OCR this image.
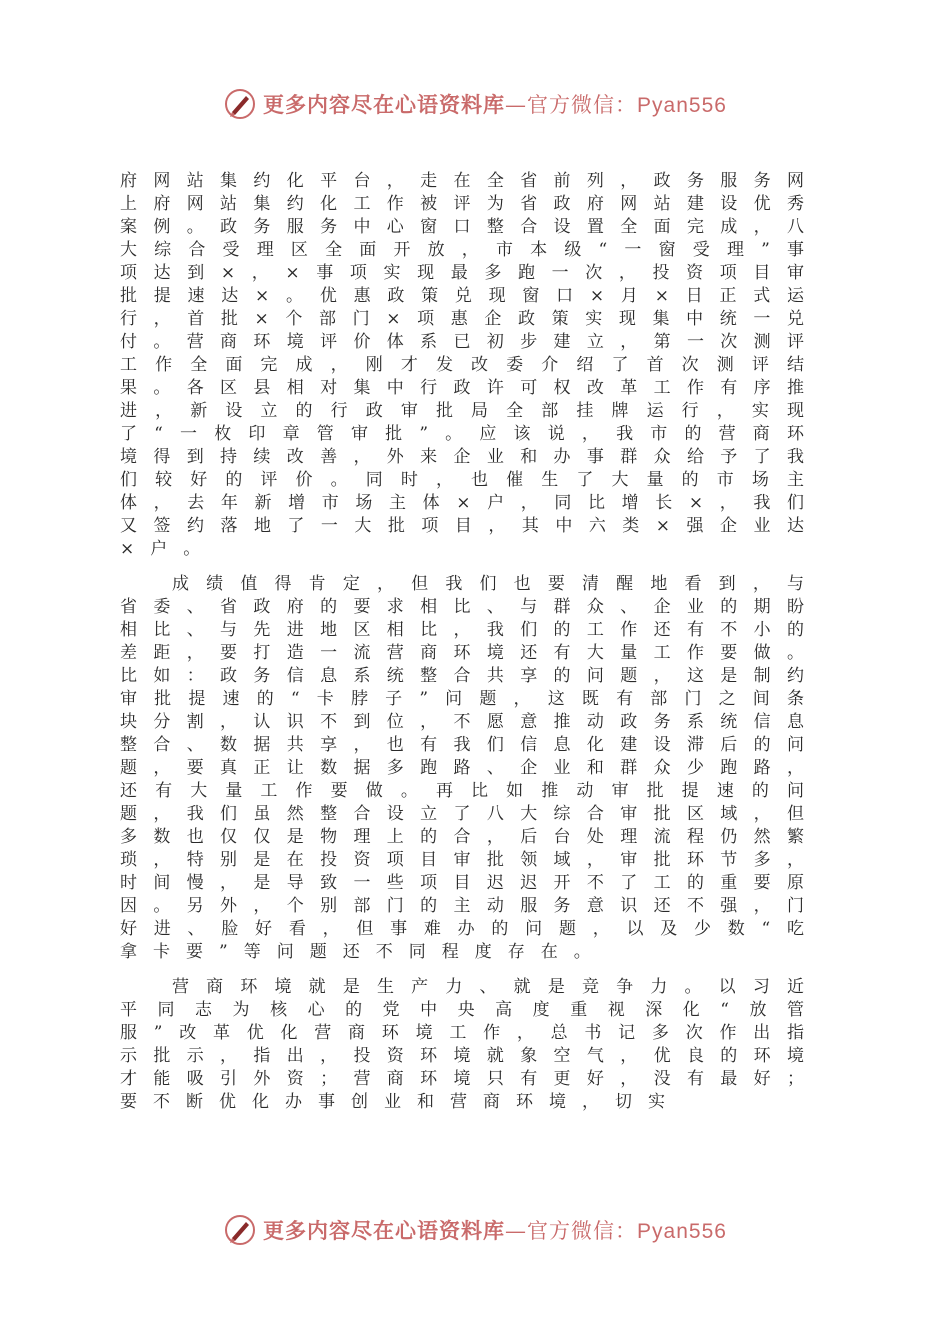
更多内容尽在心语资料库—官方微信：Pyan556

府网站集约化平台，走在全省前列，政务服务网上府网站集约化工作被评为省政府网站建设优秀案例。政务服务中心窗口整合设置全面完成，八大综合受理区全面开放，市本级“一窗受理”事项达到×，×事项实现最多跑一次，投资项目审批提速达×。优惠政策兑现窗口×月×日正式运行，首批×个部门×项惠企政策实现集中统一兑付。营商环境评价体系已初步建立，第一次测评工作全面完成，刚才发改委介绍了首次测评结果。各区县相对集中行政许可权改革工作有序推进，新设立的行政审批局全部挂牌运行，实现了“一枚印章管审批”。应该说，我市的营商环境得到持续改善，外来企业和办事群众给予了我们较好的评价。同时，也催生了大量的市场主体，去年新增市场主体×户，同比增长×，我们又签约落地了一大批项目，其中六类×强企业达×户。

成绩值得肯定，但我们也要清醒地看到，与省委、省政府的要求相比、与群众、企业的期盼相比、与先进地区相比，我们的工作还有不小的差距，要打造一流营商环境还有大量工作要做。比如：政务信息系统整合共享的问题，这是制约审批提速的“卡脖子”问题，这既有部门之间条块分割，认识不到位，不愿意推动政务系统信息整合、数据共享，也有我们信息化建设滞后的问题，要真正让数据多跑路、企业和群众少跑路，还有大量工作要做。再比如推动审批提速的问题，我们虽然整合设立了八大综合审批区域，但多数也仅仅是物理上的合，后台处理流程仍然繁琐，特别是在投资项目审批领域，审批环节多，时间慢，是导致一些项目迟迟开不了工的重要原因。另外，个别部门的主动服务意识还不强，门好进、脸好看，但事难办的问题，以及少数“吃拿卡要”等问题还不同程度存在。

营商环境就是生产力、就是竞争力。以习近平同志为核心的党中央高度重视深化“放管服”改革优化营商环境工作，总书记多次作出指示批示，指出，投资环境就象空气，优良的环境才能吸引外资；营商环境只有更好，没有最好；要不断优化办事创业和营商环境，切实

更多内容尽在心语资料库—官方微信：Pyan556
